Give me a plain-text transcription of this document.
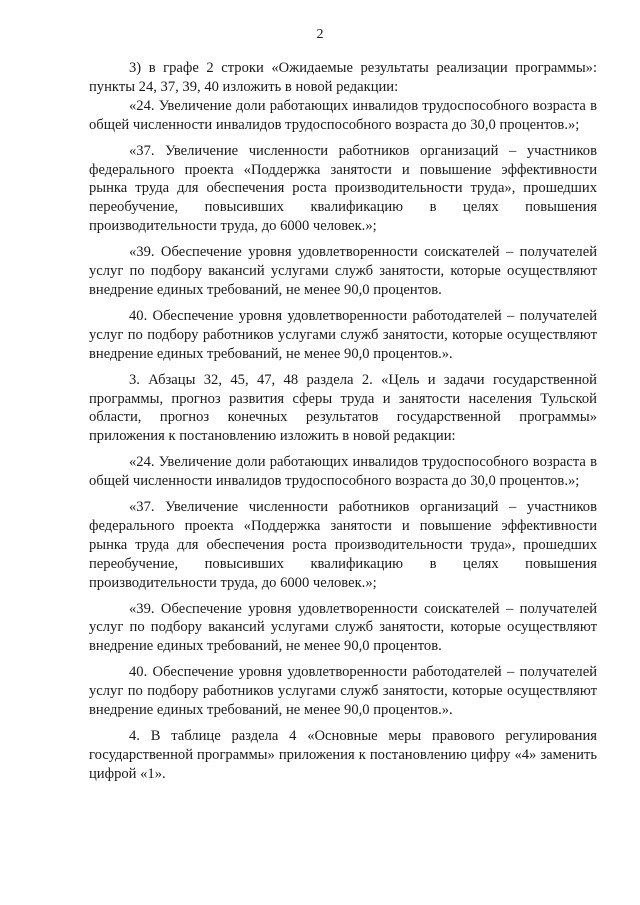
2

3) в графе 2 строки «Ожидаемые результаты реализации программы»: пункты 24, 37, 39, 40 изложить в новой редакции:

«24. Увеличение доли работающих инвалидов трудоспособного возраста в общей численности инвалидов трудоспособного возраста до 30,0 процентов.»;

«37. Увеличение численности работников организаций – участников федерального проекта «Поддержка занятости и повышение эффективности рынка труда для обеспечения роста производительности труда», прошедших переобучение, повысивших квалификацию в целях повышения производительности труда, до 6000 человек.»;

«39. Обеспечение уровня удовлетворенности соискателей – получателей услуг по подбору вакансий услугами служб занятости, которые осуществляют внедрение единых требований, не менее 90,0 процентов.

40. Обеспечение уровня удовлетворенности работодателей – получателей услуг по подбору работников услугами служб занятости, которые осуществляют внедрение единых требований, не менее 90,0 процентов.».

3. Абзацы 32, 45, 47, 48 раздела 2. «Цель и задачи государственной программы, прогноз развития сферы труда и занятости населения Тульской области, прогноз конечных результатов государственной программы» приложения к постановлению изложить в новой редакции:

«24. Увеличение доли работающих инвалидов трудоспособного возраста в общей численности инвалидов трудоспособного возраста до 30,0 процентов.»;

«37. Увеличение численности работников организаций – участников федерального проекта «Поддержка занятости и повышение эффективности рынка труда для обеспечения роста производительности труда», прошедших переобучение, повысивших квалификацию в целях повышения производительности труда, до 6000 человек.»;

«39. Обеспечение уровня удовлетворенности соискателей – получателей услуг по подбору вакансий услугами служб занятости, которые осуществляют внедрение единых требований, не менее 90,0 процентов.

40. Обеспечение уровня удовлетворенности работодателей – получателей услуг по подбору работников услугами служб занятости, которые осуществляют внедрение единых требований, не менее 90,0 процентов.».

4. В таблице раздела 4 «Основные меры правового регулирования государственной программы» приложения к постановлению цифру «4» заменить цифрой «1».
